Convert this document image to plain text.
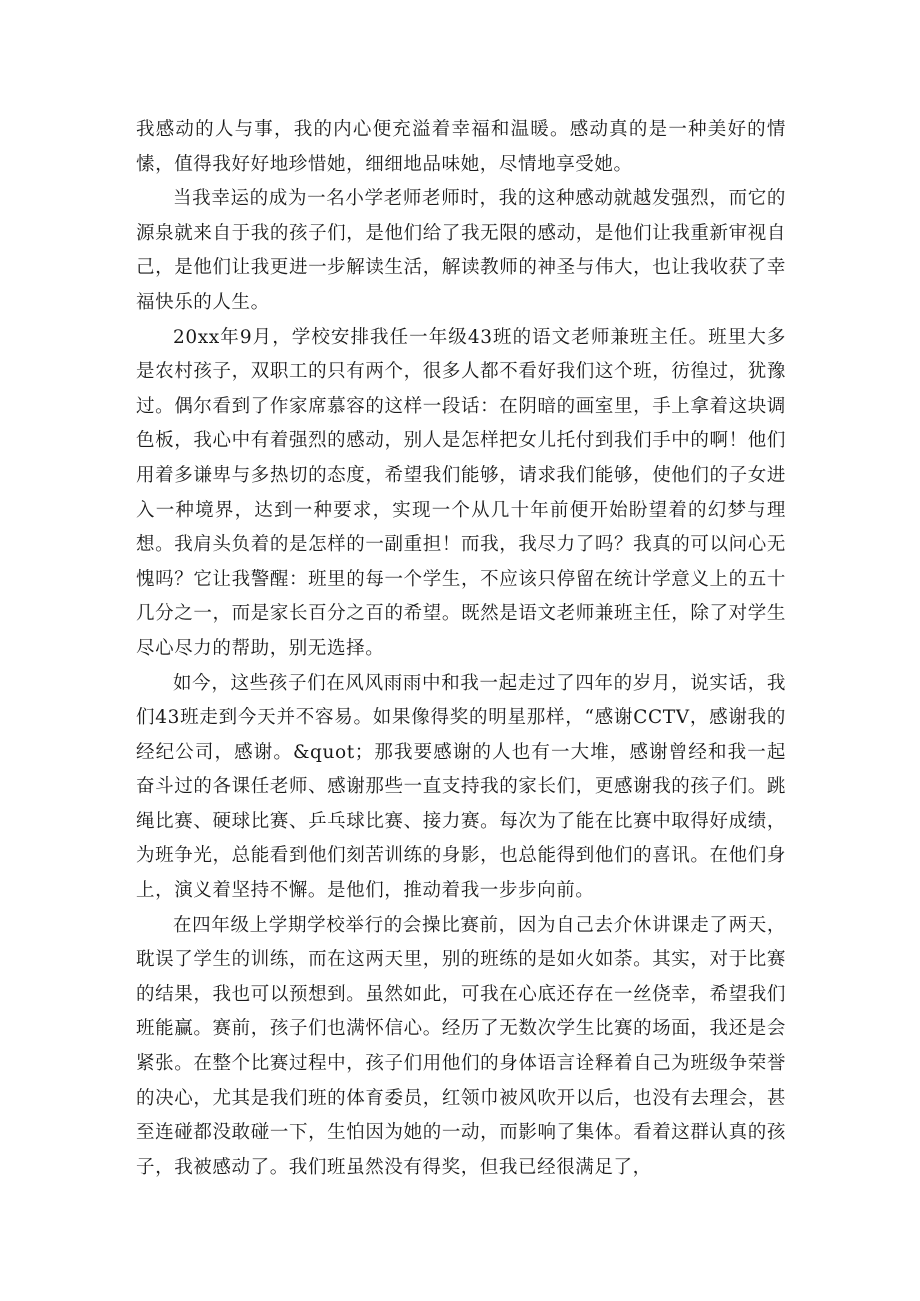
我感动的人与事，我的内心便充溢着幸福和温暖。感动真的是一种美好的情愫，值得我好好地珍惜她，细细地品味她，尽情地享受她。

当我幸运的成为一名小学老师老师时，我的这种感动就越发强烈，而它的源泉就来自于我的孩子们，是他们给了我无限的感动，是他们让我重新审视自己，是他们让我更进一步解读生活，解读教师的神圣与伟大，也让我收获了幸福快乐的人生。

20xx年9月，学校安排我任一年级43班的语文老师兼班主任。班里大多是农村孩子，双职工的只有两个，很多人都不看好我们这个班，彷徨过，犹豫过。偶尔看到了作家席慕容的这样一段话：在阴暗的画室里，手上拿着这块调色板，我心中有着强烈的感动，别人是怎样把女儿托付到我们手中的啊！他们用着多谦卑与多热切的态度，希望我们能够，请求我们能够，使他们的子女进入一种境界，达到一种要求，实现一个从几十年前便开始盼望着的幻梦与理想。我肩头负着的是怎样的一副重担！而我，我尽力了吗？我真的可以问心无愧吗？它让我警醒：班里的每一个学生，不应该只停留在统计学意义上的五十几分之一，而是家长百分之百的希望。既然是语文老师兼班主任，除了对学生尽心尽力的帮助，别无选择。

如今，这些孩子们在风风雨雨中和我一起走过了四年的岁月，说实话，我们43班走到今天并不容易。如果像得奖的明星那样，“感谢CCTV，感谢我的经纪公司，感谢。&quot；那我要感谢的人也有一大堆，感谢曾经和我一起奋斗过的各课任老师、感谢那些一直支持我的家长们，更感谢我的孩子们。跳绳比赛、硬球比赛、乒乓球比赛、接力赛。每次为了能在比赛中取得好成绩，为班争光，总能看到他们刻苦训练的身影，也总能得到他们的喜讯。在他们身上，演义着坚持不懈。是他们，推动着我一步步向前。

在四年级上学期学校举行的会操比赛前，因为自己去介休讲课走了两天，耽误了学生的训练，而在这两天里，别的班练的是如火如荼。其实，对于比赛的结果，我也可以预想到。虽然如此，可我在心底还存在一丝侥幸，希望我们班能赢。赛前，孩子们也满怀信心。经历了无数次学生比赛的场面，我还是会紧张。在整个比赛过程中，孩子们用他们的身体语言诠释着自己为班级争荣誉的决心，尤其是我们班的体育委员，红领巾被风吹开以后，也没有去理会，甚至连碰都没敢碰一下，生怕因为她的一动，而影响了集体。看着这群认真的孩子，我被感动了。我们班虽然没有得奖，但我已经很满足了，
